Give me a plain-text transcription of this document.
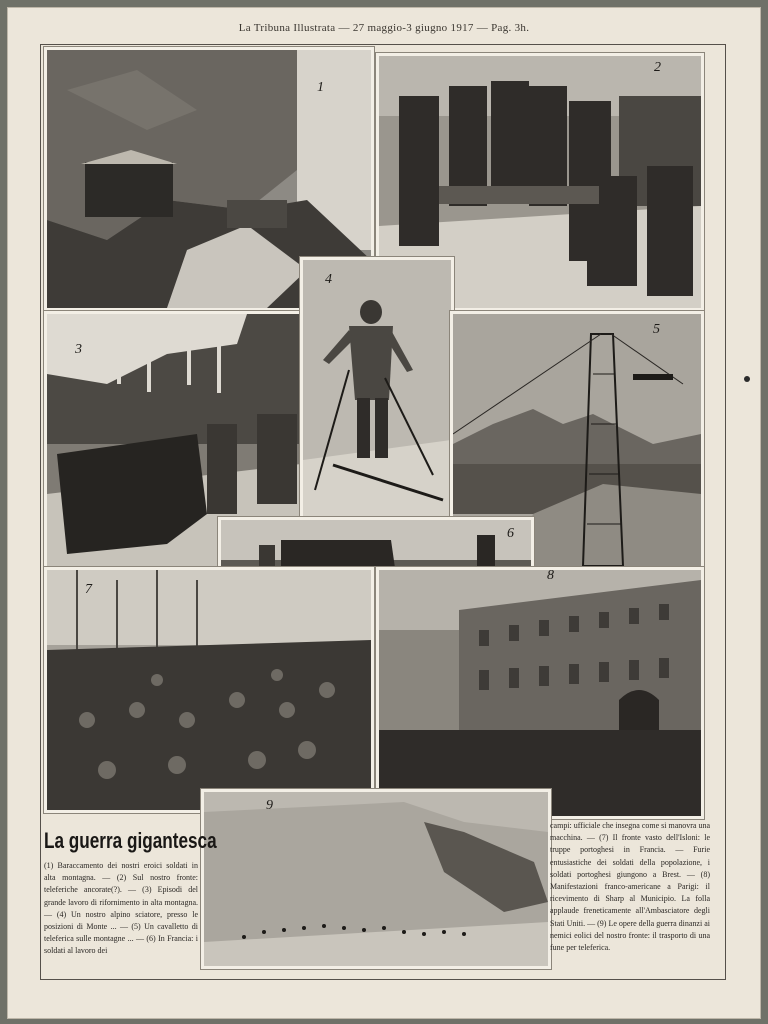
La Tribuna Illustrata — 27 maggio-3 giugno 1917 — Pag. 3h.
1
2
3
4
5
6
7
8
9
La guerra gigantesca
(1) Baraccamento dei nostri eroici soldati in alta montagna. — (2) Sul nostro fronte: teleferiche ancorate(?). — (3) Episodi del grande lavoro di rifornimento in alta montagna. — (4) Un nostro alpino sciatore, presso le posizioni di Monte ... — (5) Un cavalletto di teleferica sulle montagne ... — (6) In Francia: i soldati al lavoro dei
campi: ufficiale che insegna come si manovra una macchina. — (7) Il fronte vasto dell'Isloni: le truppe portoghesi in Francia. — Furie entusiastiche dei soldati della popolazione, i soldati portoghesi giungono a Brest. — (8) Manifestazioni franco-americane a Parigi: il ricevimento di Sharp al Municipio. La folla applaude freneticamente all'Ambasciatore degli Stati Uniti. — (9) Le opere della guerra dinanzi ai nemici eolici del nostro fronte: il trasporto di una fune per teleferica.
